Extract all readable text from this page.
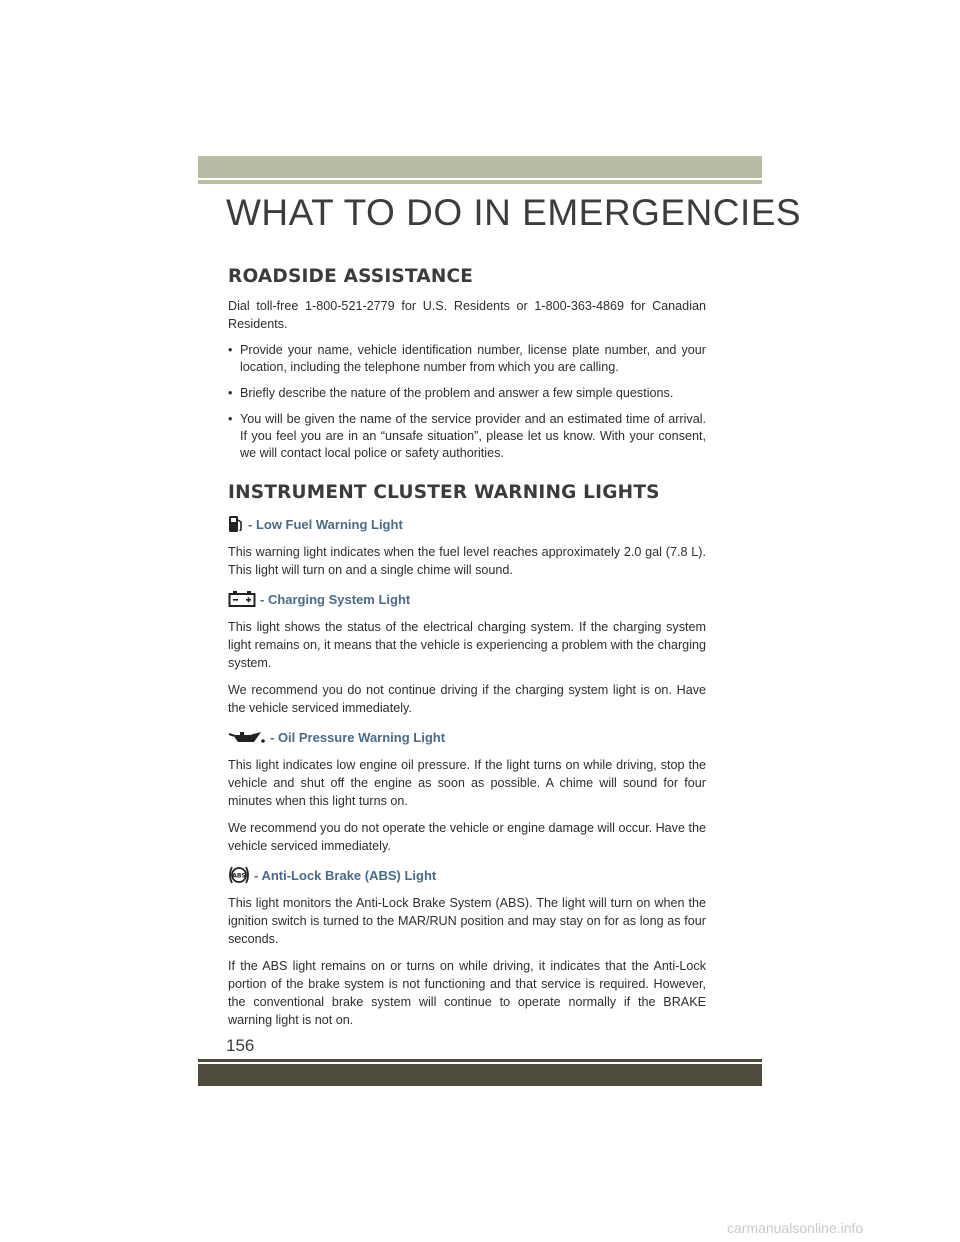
WHAT TO DO IN EMERGENCIES
ROADSIDE ASSISTANCE

Dial toll-free 1-800-521-2779 for U.S. Residents or 1-800-363-4869 for Canadian Residents.

• Provide your name, vehicle identification number, license plate number, and your location, including the telephone number from which you are calling.
• Briefly describe the nature of the problem and answer a few simple questions.
• You will be given the name of the service provider and an estimated time of arrival. If you feel you are in an “unsafe situation”, please let us know. With your consent, we will contact local police or safety authorities.
INSTRUMENT CLUSTER WARNING LIGHTS
- Low Fuel Warning Light

This warning light indicates when the fuel level reaches approximately 2.0 gal (7.8 L). This light will turn on and a single chime will sound.

- Charging System Light

This light shows the status of the electrical charging system. If the charging system light remains on, it means that the vehicle is experiencing a problem with the charging system.

We recommend you do not continue driving if the charging system light is on. Have the vehicle serviced immediately.

- Oil Pressure Warning Light

This light indicates low engine oil pressure. If the light turns on while driving, stop the vehicle and shut off the engine as soon as possible. A chime will sound for four minutes when this light turns on.

We recommend you do not operate the vehicle or engine damage will occur. Have the vehicle serviced immediately.

ABS - Anti-Lock Brake (ABS) Light

This light monitors the Anti-Lock Brake System (ABS). The light will turn on when the ignition switch is turned to the MAR/RUN position and may stay on for as long as four seconds.

If the ABS light remains on or turns on while driving, it indicates that the Anti-Lock portion of the brake system is not functioning and that service is required. However, the conventional brake system will continue to operate normally if the BRAKE warning light is not on.

156
carmanualsonline.info
